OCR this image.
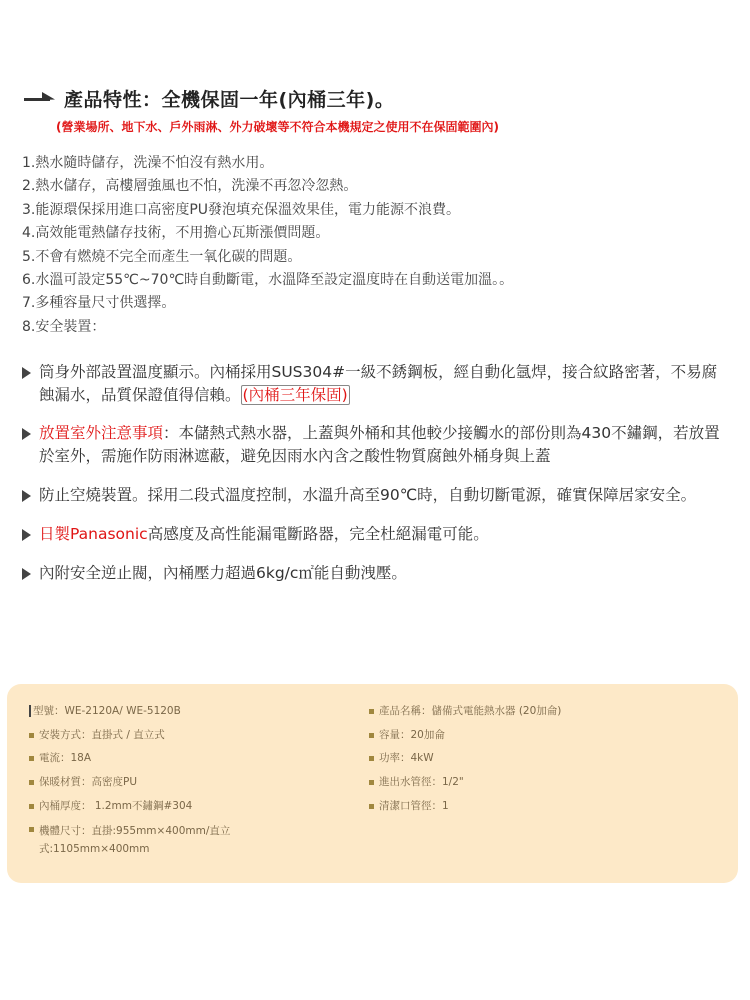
產品特性：全機保固一年(內桶三年)。
(營業場所、地下水、戶外雨淋、外力破壞等不符合本機規定之使用不在保固範圍內)
1.熱水隨時儲存，洗澡不怕沒有熱水用。
2.熱水儲存，高樓層強風也不怕，洗澡不再忽冷忽熱。
3.能源環保採用進口高密度PU發泡填充保溫效果佳，電力能源不浪費。
4.高效能電熱儲存技術，不用擔心瓦斯漲價問題。
5.不會有燃燒不完全而產生一氧化碳的問題。
6.水溫可設定55℃~70℃時自動斷電，水溫降至設定溫度時在自動送電加溫。。
7.多種容量尺寸供選擇。
8.安全裝置：
筒身外部設置溫度顯示。內桶採用SUS304#一級不銹鋼板，經自動化氬焊，接合紋路密著，不易腐蝕漏水，品質保證值得信賴。 (內桶三年保固)
放置室外注意事項：本儲熱式熱水器，上蓋與外桶和其他較少接觸水的部份則為430不鏽鋼，若放置於室外，需施作防雨淋遮蔽，避免因雨水內含之酸性物質腐蝕外桶身與上蓋
防止空燒裝置。採用二段式溫度控制，水溫升高至90℃時，自動切斷電源，確實保障居家安全。
日製Panasonic高感度及高性能漏電斷路器，完全杜絕漏電可能。
內附安全逆止閥，內桶壓力超過6kg/c㎡能自動洩壓。
型號：WE-2120A/ WE-5120B
安裝方式：直掛式 / 直立式
電流：18A
保暖材質：高密度PU
內桶厚度： 1.2mm不鏽鋼#304
機體尺寸：直掛:955mm×400mm/直立式:1105mm×400mm
產品名稱：儲備式電能熱水器 (20加侖)
容量：20加侖
功率：4kW
進出水管徑：1/2"
清潔口管徑：1
